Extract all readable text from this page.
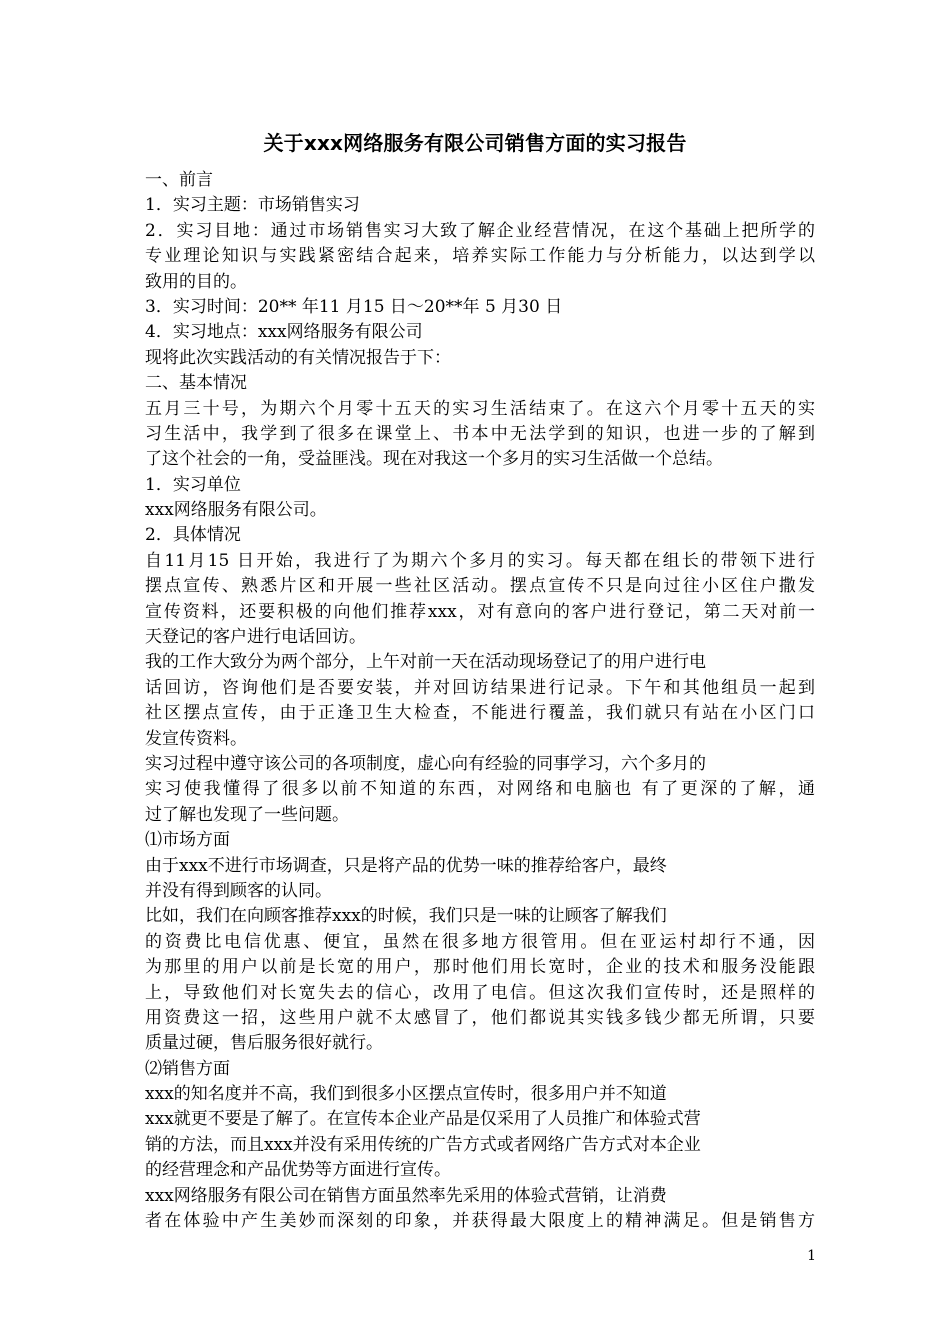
关于xxx网络服务有限公司销售方面的实习报告
一、前言
1．实习主题：市场销售实习
2．实习目地：通过市场销售实习大致了解企业经营情况，在这个基础上把所学的
专业理论知识与实践紧密结合起来，培养实际工作能力与分析能力，以达到学以
致用的目的。
3．实习时间：20** 年11 月15 日～20**年 5 月30 日
4．实习地点：xxx网络服务有限公司
现将此次实践活动的有关情况报告于下：
二、基本情况
五月三十号，为期六个月零十五天的实习生活结束了。在这六个月零十五天的实
习生活中，我学到了很多在课堂上、书本中无法学到的知识，也进一步的了解到
了这个社会的一角，受益匪浅。现在对我这一个多月的实习生活做一个总结。
1．实习单位
xxx网络服务有限公司。
2．具体情况
自11月15 日开始，我进行了为期六个多月的实习。每天都在组长的带领下进行
摆点宣传、熟悉片区和开展一些社区活动。摆点宣传不只是向过往小区住户撒发
宣传资料，还要积极的向他们推荐xxx，对有意向的客户进行登记，第二天对前一
天登记的客户进行电话回访。
我的工作大致分为两个部分，上午对前一天在活动现场登记了的用户进行电
话回访，咨询他们是否要安装，并对回访结果进行记录。下午和其他组员一起到
社区摆点宣传，由于正逢卫生大检查，不能进行覆盖，我们就只有站在小区门口
发宣传资料。
实习过程中遵守该公司的各项制度，虚心向有经验的同事学习，六个多月的
实习使我懂得了很多以前不知道的东西，对网络和电脑也 有了更深的了解，通
过了解也发现了一些问题。
⑴市场方面
由于xxx不进行市场调查，只是将产品的优势一味的推荐给客户，最终
并没有得到顾客的认同。
比如，我们在向顾客推荐xxx的时候，我们只是一味的让顾客了解我们
的资费比电信优惠、便宜，虽然在很多地方很管用。但在亚运村却行不通，因
为那里的用户以前是长宽的用户，那时他们用长宽时，企业的技术和服务没能跟
上，导致他们对长宽失去的信心，改用了电信。但这次我们宣传时，还是照样的
用资费这一招，这些用户就不太感冒了，他们都说其实钱多钱少都无所谓，只要
质量过硬，售后服务很好就行。
⑵销售方面
xxx的知名度并不高，我们到很多小区摆点宣传时，很多用户并不知道
xxx就更不要是了解了。在宣传本企业产品是仅采用了人员推广和体验式营
销的方法，而且xxx并没有采用传统的广告方式或者网络广告方式对本企业
的经营理念和产品优势等方面进行宣传。
xxx网络服务有限公司在销售方面虽然率先采用的体验式营销，让消费
者在体验中产生美妙而深刻的印象，并获得最大限度上的精神满足。但是销售方
1
